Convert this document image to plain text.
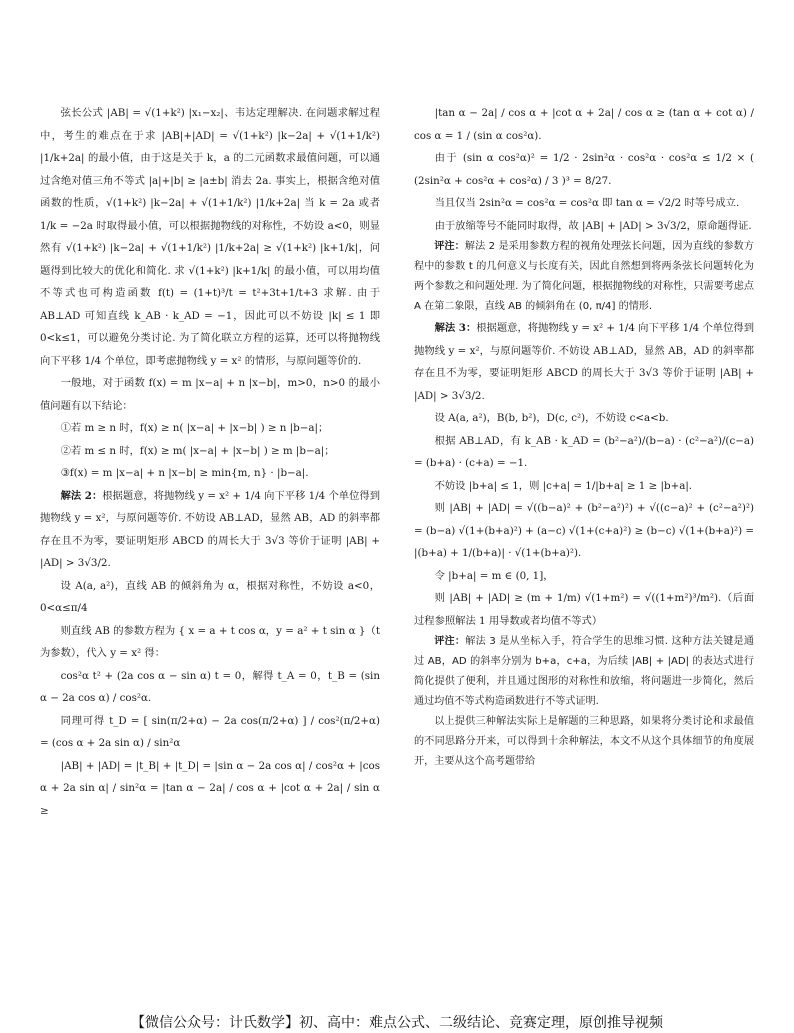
弦长公式 |AB| = √(1+k²) |x₁−x₂|、韦达定理解决. 在问题求解过程中，考生的难点在于求 |AB|+|AD| = √(1+k²) |k−2a| + √(1+1/k²) |1/k+2a| 的最小值，由于这是关于 k，a 的二元函数求最值问题，可以通过含绝对值三角不等式 |a|+|b| ≥ |a±b| 消去 2a. 事实上，根据含绝对值函数的性质，√(1+k²) |k−2a| + √(1+1/k²) |1/k+2a| 当 k = 2a 或者 1/k = −2a 时取得最小值，可以根据抛物线的对称性，不妨设 a<0，则显然有 √(1+k²) |k−2a| + √(1+1/k²) |1/k+2a| ≥ √(1+k²) |k+1/k|，问题得到比较大的优化和简化. 求 √(1+k²) |k+1/k| 的最小值，可以用均值不等式也可构造函数 f(t) = (1+t)³/t = t²+3t+1/t+3 求解. 由于 AB⊥AD 可知直线 k_AB · k_AD = −1，因此可以不妨设 |k| ≤ 1 即 0<k≤1，可以避免分类讨论. 为了简化联立方程的运算，还可以将抛物线向下平移 1/4 个单位，即考虑抛物线 y = x² 的情形，与原问题等价的.

一般地，对于函数 f(x) = m |x−a| + n |x−b|，m>0，n>0 的最小值问题有以下结论：

①若 m ≥ n 时，f(x) ≥ n( |x−a| + |x−b| ) ≥ n |b−a|；

②若 m ≤ n 时，f(x) ≥ m( |x−a| + |x−b| ) ≥ m |b−a|；

③f(x) = m |x−a| + n |x−b| ≥ min{m, n} · |b−a|.

解法 2：根据题意，将抛物线 y = x² + 1/4 向下平移 1/4 个单位得到抛物线 y = x²，与原问题等价. 不妨设 AB⊥AD，显然 AB，AD 的斜率都存在且不为零，要证明矩形 ABCD 的周长大于 3√3 等价于证明 |AB| + |AD| > 3√3/2.

设 A(a, a²)，直线 AB 的倾斜角为 α，根据对称性，不妨设 a<0，0<α≤π/4

则直线 AB 的参数方程为 { x = a + t cos α，y = a² + t sin α }（t 为参数），代入 y = x² 得：

cos²α t² + (2a cos α − sin α) t = 0，解得 t_A = 0，t_B = (sin α − 2a cos α) / cos²α.

同理可得 t_D = [ sin(π/2+α) − 2a cos(π/2+α) ] / cos²(π/2+α) = (cos α + 2a sin α) / sin²α

|AB| + |AD| = |t_B| + |t_D| = |sin α − 2a cos α| / cos²α + |cos α + 2a sin α| / sin²α = |tan α − 2a| / cos α + |cot α + 2a| / sin α ≥

|tan α − 2a| / cos α + |cot α + 2a| / cos α ≥ (tan α + cot α) / cos α = 1 / (sin α cos²α).

由于 (sin α cos²α)² = 1/2 · 2sin²α · cos²α · cos²α ≤ 1/2 × ( (2sin²α + cos²α + cos²α) / 3 )³ = 8/27.

当且仅当 2sin²α = cos²α = cos²α 即 tan α = √2/2 时等号成立.

由于放缩等号不能同时取得，故 |AB| + |AD| > 3√3/2，原命题得证.

评注：解法 2 是采用参数方程的视角处理弦长问题，因为直线的参数方程中的参数 t 的几何意义与长度有关，因此自然想到将两条弦长问题转化为两个参数之和问题处理. 为了简化问题，根据抛物线的对称性，只需要考虑点 A 在第二象限，直线 AB 的倾斜角在 (0, π/4] 的情形.

解法 3：根据题意，将抛物线 y = x² + 1/4 向下平移 1/4 个单位得到抛物线 y = x²，与原问题等价. 不妨设 AB⊥AD，显然 AB，AD 的斜率都存在且不为零，要证明矩形 ABCD 的周长大于 3√3 等价于证明 |AB| + |AD| > 3√3/2.

设 A(a, a²)，B(b, b²)，D(c, c²)，不妨设 c<a<b.

根据 AB⊥AD，有 k_AB · k_AD = (b²−a²)/(b−a) · (c²−a²)/(c−a) = (b+a) · (c+a) = −1.

不妨设 |b+a| ≤ 1，则 |c+a| = 1/|b+a| ≥ 1 ≥ |b+a|.

则 |AB| + |AD| = √((b−a)² + (b²−a²)²) + √((c−a)² + (c²−a²)²) = (b−a) √(1+(b+a)²) + (a−c) √(1+(c+a)²) ≥ (b−c) √(1+(b+a)²) = |(b+a) + 1/(b+a)| · √(1+(b+a)²).

令 |b+a| = m ∈ (0, 1]，

则 |AB| + |AD| ≥ (m + 1/m) √(1+m²) = √((1+m²)³/m²).（后面过程参照解法 1 用导数或者均值不等式）

评注：解法 3 是从坐标入手，符合学生的思维习惯. 这种方法关键是通过 AB，AD 的斜率分别为 b+a，c+a，为后续 |AB| + |AD| 的表达式进行简化提供了便利，并且通过图形的对称性和放缩，将问题进一步简化，然后通过均值不等式构造函数进行不等式证明.

以上提供三种解法实际上是解题的三种思路，如果将分类讨论和求最值的不同思路分开来，可以得到十余种解法，本文不从这个具体细节的角度展开，主要从这个高考题带给

【微信公众号：计氏数学】初、高中：难点公式、二级结论、竞赛定理，原创推导视频
